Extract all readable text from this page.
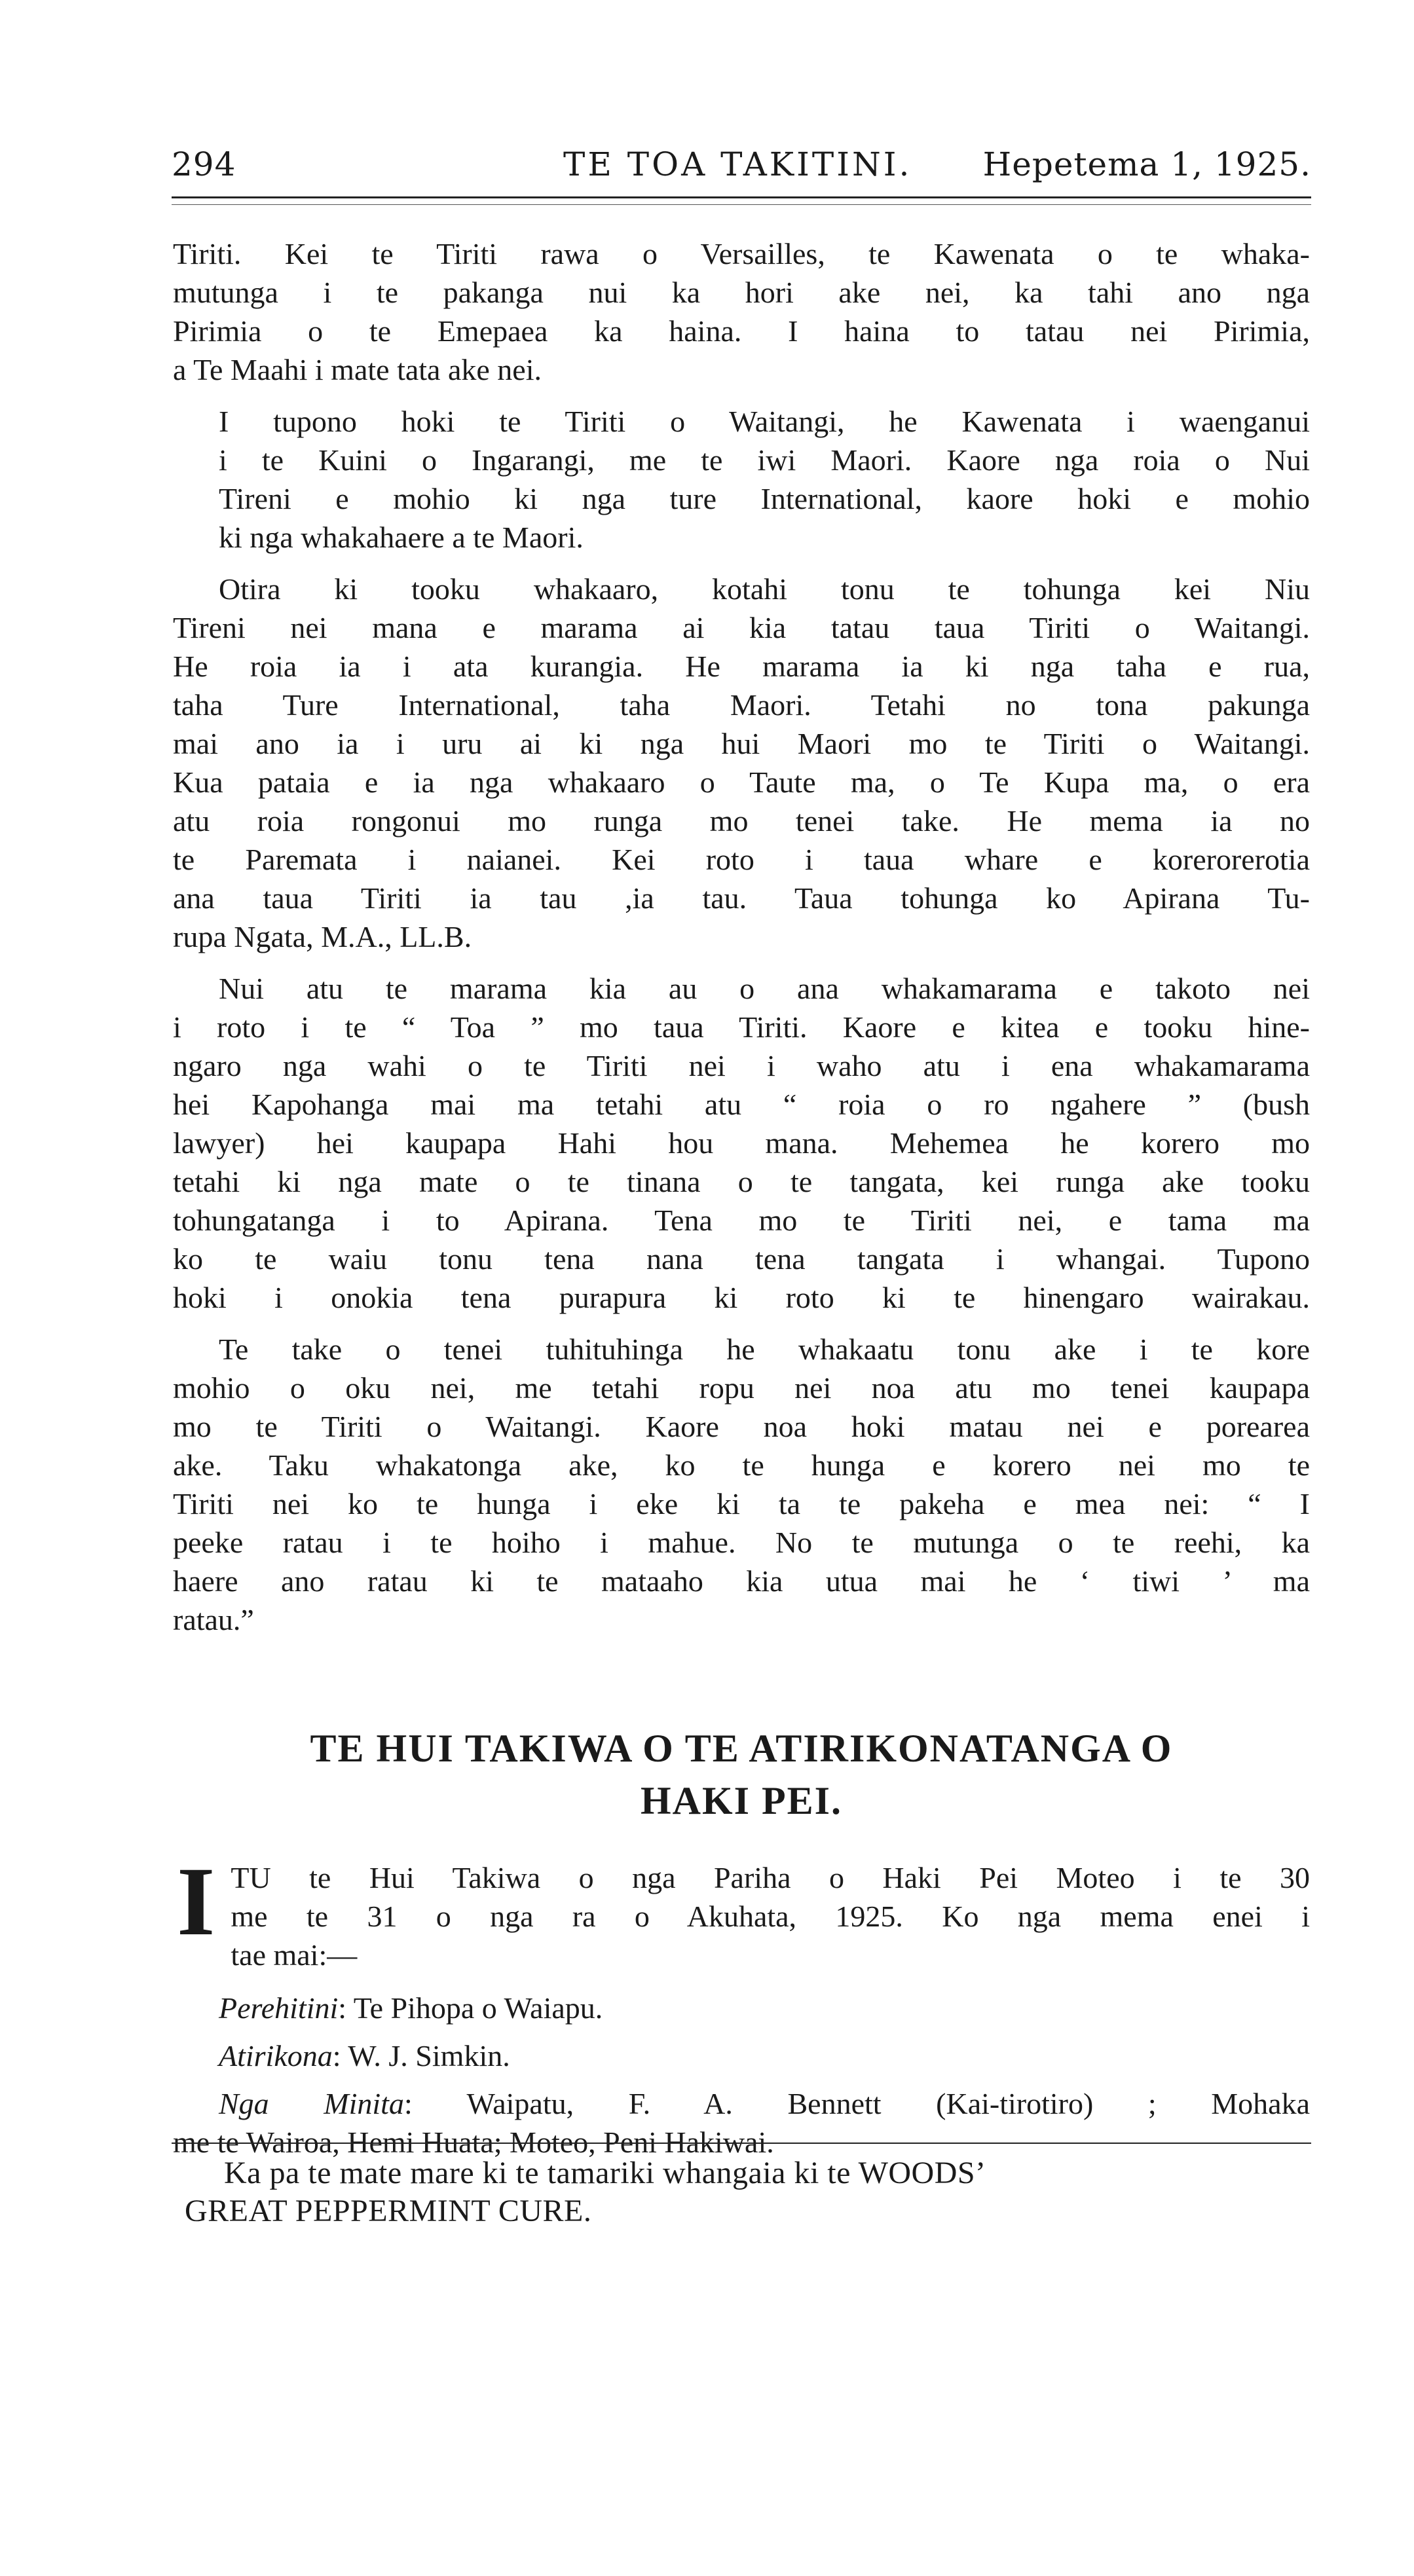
294	TE TOA TAKITINI. Hepetema 1, 1925.

Tiriti. Kei te Tiriti rawa o Versailles, te Kawenata o te whaka-
mutunga i te pakanga nui ka hori ake nei, ka tahi ano nga
Pirimia o te Emepaea ka haina. I haina to tatau nei Pirimia,
a Te Maahi i mate tata ake nei.

I tupono hoki te Tiriti o Waitangi, he Kawenata i waenganui
i te Kuini o Ingarangi, me te iwi Maori. Kaore nga roia o Nui
Tireni e mohio ki nga ture International, kaore hoki e mohio
ki nga whakahaere a te Maori.

Otira ki tooku whakaaro, kotahi tonu te tohunga kei Niu
Tireni nei mana e marama ai kia tatau taua Tiriti o Waitangi.
He roia ia i ata kurangia. He marama ia ki nga taha e rua,
taha Ture International, taha Maori. Tetahi no tona pakunga
mai ano ia i uru ai ki nga hui Maori mo te Tiriti o Waitangi.
Kua pataia e ia nga whakaaro o Taute ma, o Te Kupa ma, o era
atu roia rongonui mo runga mo tenei take. He mema ia no
te Paremata i naianei. Kei roto i taua whare e korerorerotia
ana taua Tiriti ia tau ,ia tau. Taua tohunga ko Apirana Tu-
rupa Ngata, M.A., LL.B.

Nui atu te marama kia au o ana whakamarama e takoto nei
i roto i te “ Toa ” mo taua Tiriti. Kaore e kitea e tooku hine-
ngaro nga wahi o te Tiriti nei i waho atu i ena whakamarama
hei Kapohanga mai ma tetahi atu “ roia o ro ngahere ” (bush
lawyer) hei kaupapa Hahi hou mana. Mehemea he korero mo
tetahi ki nga mate o te tinana o te tangata, kei runga ake tooku
tohungatanga i to Apirana. Tena mo te Tiriti nei, e tama ma
ko te waiu tonu tena nana tena tangata i whangai. Tupono
hoki i onokia tena purapura ki roto ki te hinengaro wairakau.

Te take o tenei tuhituhinga he whakaatu tonu ake i te kore
mohio o oku nei, me tetahi ropu nei noa atu mo tenei kaupapa
mo te Tiriti o Waitangi. Kaore noa hoki matau nei e porearea
ake. Taku whakatonga ake, ko te hunga e korero nei mo te
Tiriti nei ko te hunga i eke ki ta te pakeha e mea nei: “ I
peeke ratau i te hoiho i mahue. No te mutunga o te reehi, ka
haere ano ratau ki te mataaho kia utua mai he ‘ tiwi ’ ma
ratau.”

TE HUI TAKIWA O TE ATIRIKONATANGA O
HAKI PEI.
I TU te Hui Takiwa o nga Pariha o Haki Pei Moteo i te 30
me te 31 o nga ra o Akuhata, 1925. Ko nga mema enei i
tae mai:—
Perehitini: Te Pihopa o Waiapu.
Atirikona: W. J. Simkin.
Nga Minita: Waipatu, F. A. Bennett (Kai-tirotiro) ; Mohaka
me te Wairoa, Hemi Huata; Moteo, Peni Hakiwai.
Ka pa te mate mare ki te tamariki whangaia ki te WOODS’
GREAT PEPPERMINT CURE.
